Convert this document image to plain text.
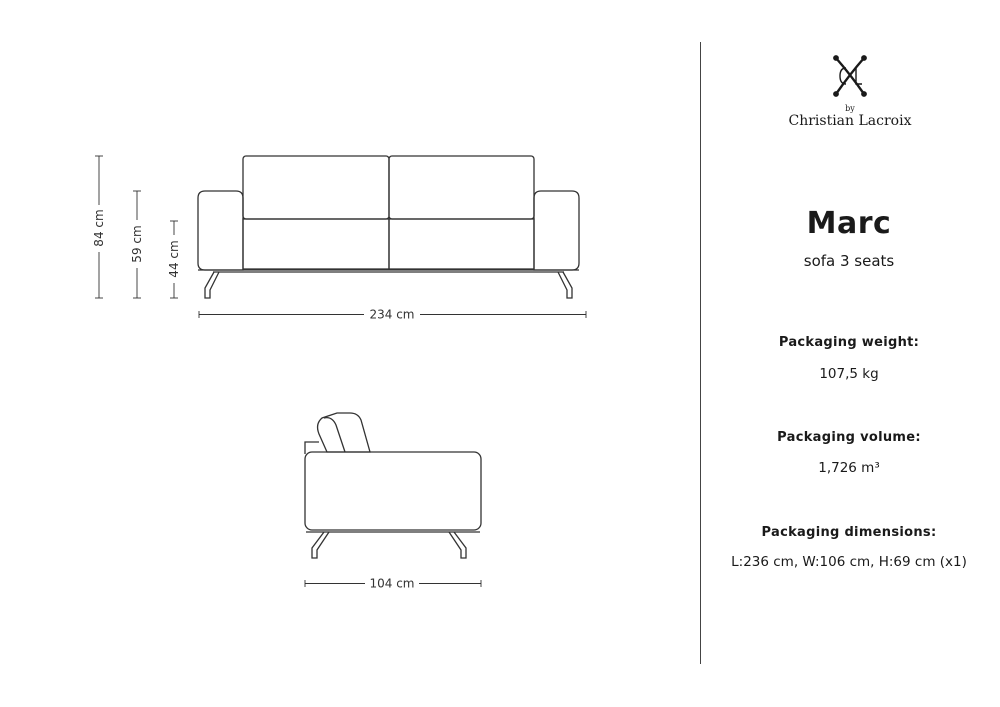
84 cm 59 cm 44 cm
234 cm
104 cm
by
Christian Lacroix
Marc
sofa 3 seats
Packaging weight:
107,5 kg
Packaging volume:
1,726 m³
Packaging dimensions:
L:236 cm, W:106 cm, H:69 cm (x1)
